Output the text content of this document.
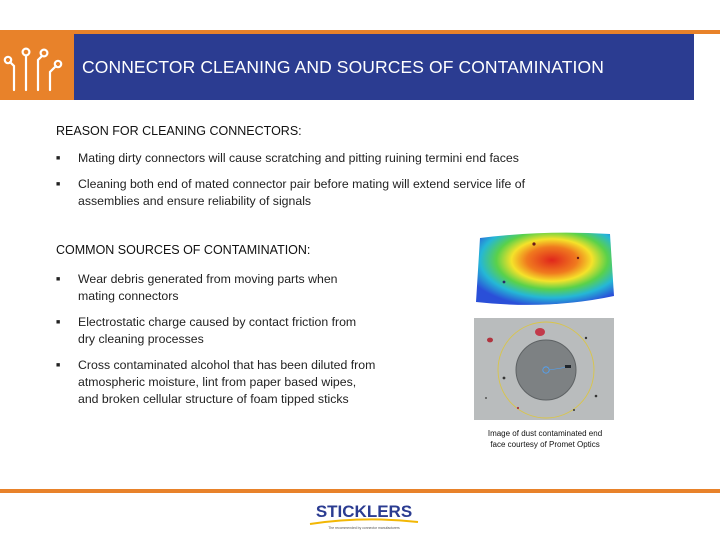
CONNECTOR CLEANING AND SOURCES OF CONTAMINATION
REASON FOR CLEANING CONNECTORS:
■	Mating dirty connectors will cause scratching and pitting ruining termini end faces
■	Cleaning both end of mated connector pair before mating will extend service life of
assemblies and ensure reliability of signals
COMMON SOURCES OF CONTAMINATION:
■	Wear debris generated from moving parts when
mating connectors
■	Electrostatic charge caused by contact friction from
dry cleaning processes
■	Cross contaminated alcohol that has been diluted from
atmospheric moisture, lint from paper based wipes,
and broken cellular structure of foam tipped sticks
Image of dust contaminated end
face courtesy of Promet Optics
STICKLERS
The recommended by connector manufacturers
